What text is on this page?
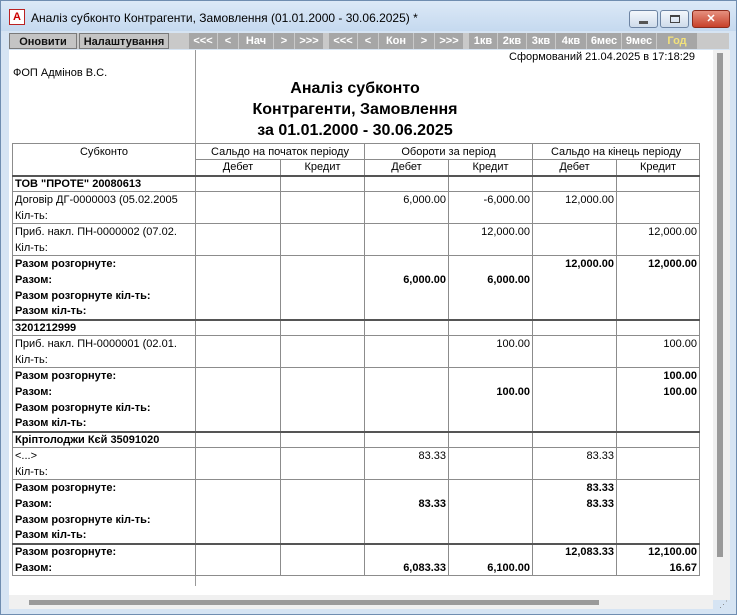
А Аналіз субконто Контрагенти, Замовлення (01.01.2000 - 30.06.2025) *	✕
Оновити	Налаштування	<<<	<	Нач	>	>>>	<<<	<	Кон	>	>>>	1кв 2кв 3кв	4кв 6мес 9мес	Год
ФОП Адмінов В.С.
Сформований 21.04.2025 в 17:18:29
Аналіз субконто
Контрагенти, Замовлення
за 01.01.2000 - 30.06.2025
Субконто	Сальдо на початок періоду		Обороти за період		Сальдо на кінець періоду	
	Дебет	Кредит	Дебет	Кредит	Дебет	Кредит
ТОВ "ПРОТЕ" 20080613						
Договір ДГ-0000003 (05.02.2005			6,000.00	-6,000.00	12,000.00	
Кіл-ть:						
Приб. накл. ПН-0000002 (07.02.				12,000.00		12,000.00
Кіл-ть:						
Разом розгорнуте:					12,000.00	12,000.00
Разом:			6,000.00	6,000.00		
Разом розгорнуте кіл-ть:						
Разом кіл-ть:						
3201212999						
Приб. накл. ПН-0000001 (02.01.				100.00		100.00
Кіл-ть:						
Разом розгорнуте:						100.00
Разом:				100.00		100.00
Разом розгорнуте кіл-ть:						
Разом кіл-ть:						
Кріптолоджи Кєй 35091020						
<...>			83.33		83.33	
Кіл-ть:						
Разом розгорнуте:					83.33	
Разом:			83.33		83.33	
Разом розгорнуте кіл-ть:						
Разом кіл-ть:						
Разом розгорнуте:					12,083.33	12,100.00
Разом:			6,083.33	6,100.00		16.67
⋰
